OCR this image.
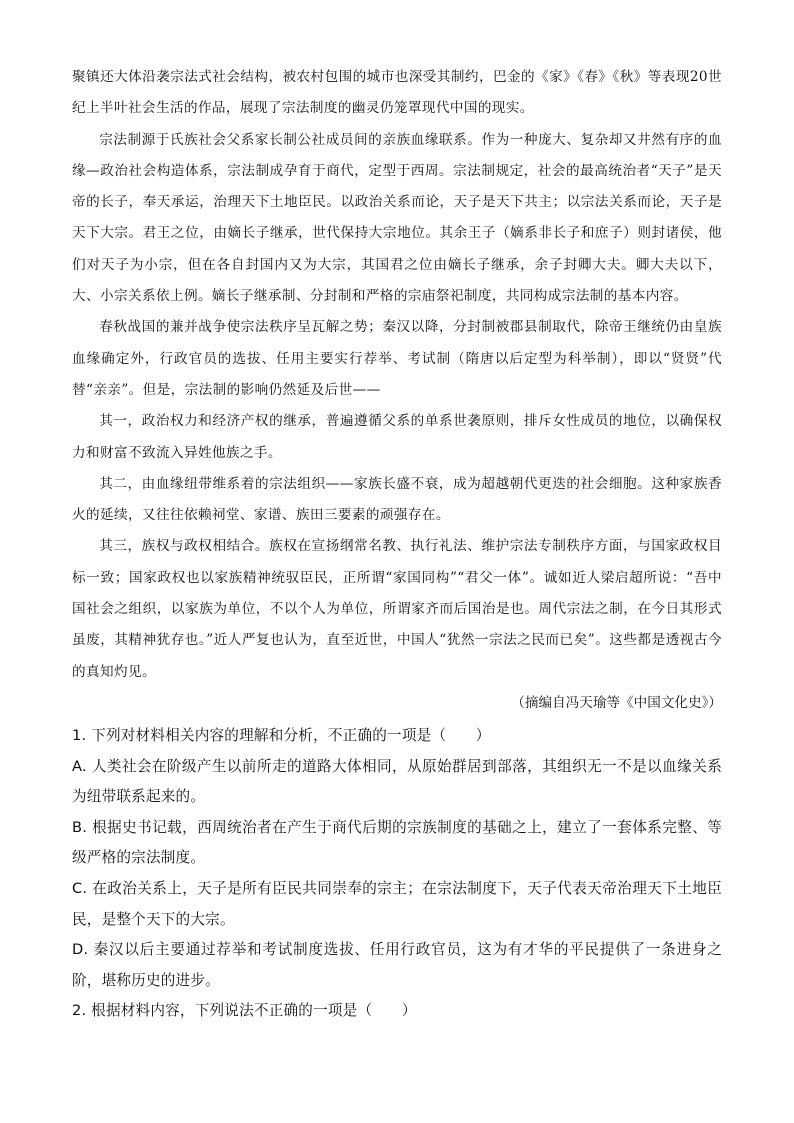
聚镇还大体沿袭宗法式社会结构，被农村包围的城市也深受其制约，巴金的《家》《春》《秋》等表现20世纪上半叶社会生活的作品，展现了宗法制度的幽灵仍笼罩现代中国的现实。

宗法制源于氏族社会父系家长制公社成员间的亲族血缘联系。作为一种庞大、复杂却又井然有序的血缘—政治社会构造体系，宗法制成孕育于商代，定型于西周。宗法制规定，社会的最高统治者“天子”是天帝的长子，奉天承运，治理天下土地臣民。以政治关系而论，天子是天下共主；以宗法关系而论，天子是天下大宗。君王之位，由嫡长子继承，世代保持大宗地位。其余王子（嫡系非长子和庶子）则封诸侯，他们对天子为小宗，但在各自封国内又为大宗，其国君之位由嫡长子继承，余子封卿大夫。卿大夫以下，大、小宗关系依上例。嫡长子继承制、分封制和严格的宗庙祭祀制度，共同构成宗法制的基本内容。

春秋战国的兼并战争使宗法秩序呈瓦解之势；秦汉以降，分封制被郡县制取代，除帝王继统仍由皇族血缘确定外，行政官员的选拔、任用主要实行荐举、考试制（隋唐以后定型为科举制），即以“贤贤”代替“亲亲”。但是，宗法制的影响仍然延及后世——

其一，政治权力和经济产权的继承，普遍遵循父系的单系世袭原则，排斥女性成员的地位，以确保权力和财富不致流入异姓他族之手。

其二，由血缘纽带维系着的宗法组织——家族长盛不衰，成为超越朝代更迭的社会细胞。这种家族香火的延续，又往往依赖祠堂、家谱、族田三要素的顽强存在。

其三，族权与政权相结合。族权在宣扬纲常名教、执行礼法、维护宗法专制秩序方面，与国家政权目标一致；国家政权也以家族精神统驭臣民，正所谓“家国同构”“君父一体”。诚如近人梁启超所说：“吾中国社会之组织，以家族为单位，不以个人为单位，所谓家齐而后国治是也。周代宗法之制，在今日其形式虽废，其精神犹存也。”近人严复也认为，直至近世，中国人“犹然一宗法之民而已矣”。这些都是透视古今的真知灼见。

（摘编自冯天瑜等《中国文化史》）

1. 下列对材料相关内容的理解和分析，不正确的一项是（　　）

A. 人类社会在阶级产生以前所走的道路大体相同，从原始群居到部落，其组织无一不是以血缘关系为纽带联系起来的。

B. 根据史书记载，西周统治者在产生于商代后期的宗族制度的基础之上，建立了一套体系完整、等级严格的宗法制度。

C. 在政治关系上，天子是所有臣民共同崇奉的宗主；在宗法制度下，天子代表天帝治理天下土地臣民，是整个天下的大宗。

D. 秦汉以后主要通过荐举和考试制度选拔、任用行政官员，这为有才华的平民提供了一条进身之阶，堪称历史的进步。

2. 根据材料内容，下列说法不正确的一项是（　　）
